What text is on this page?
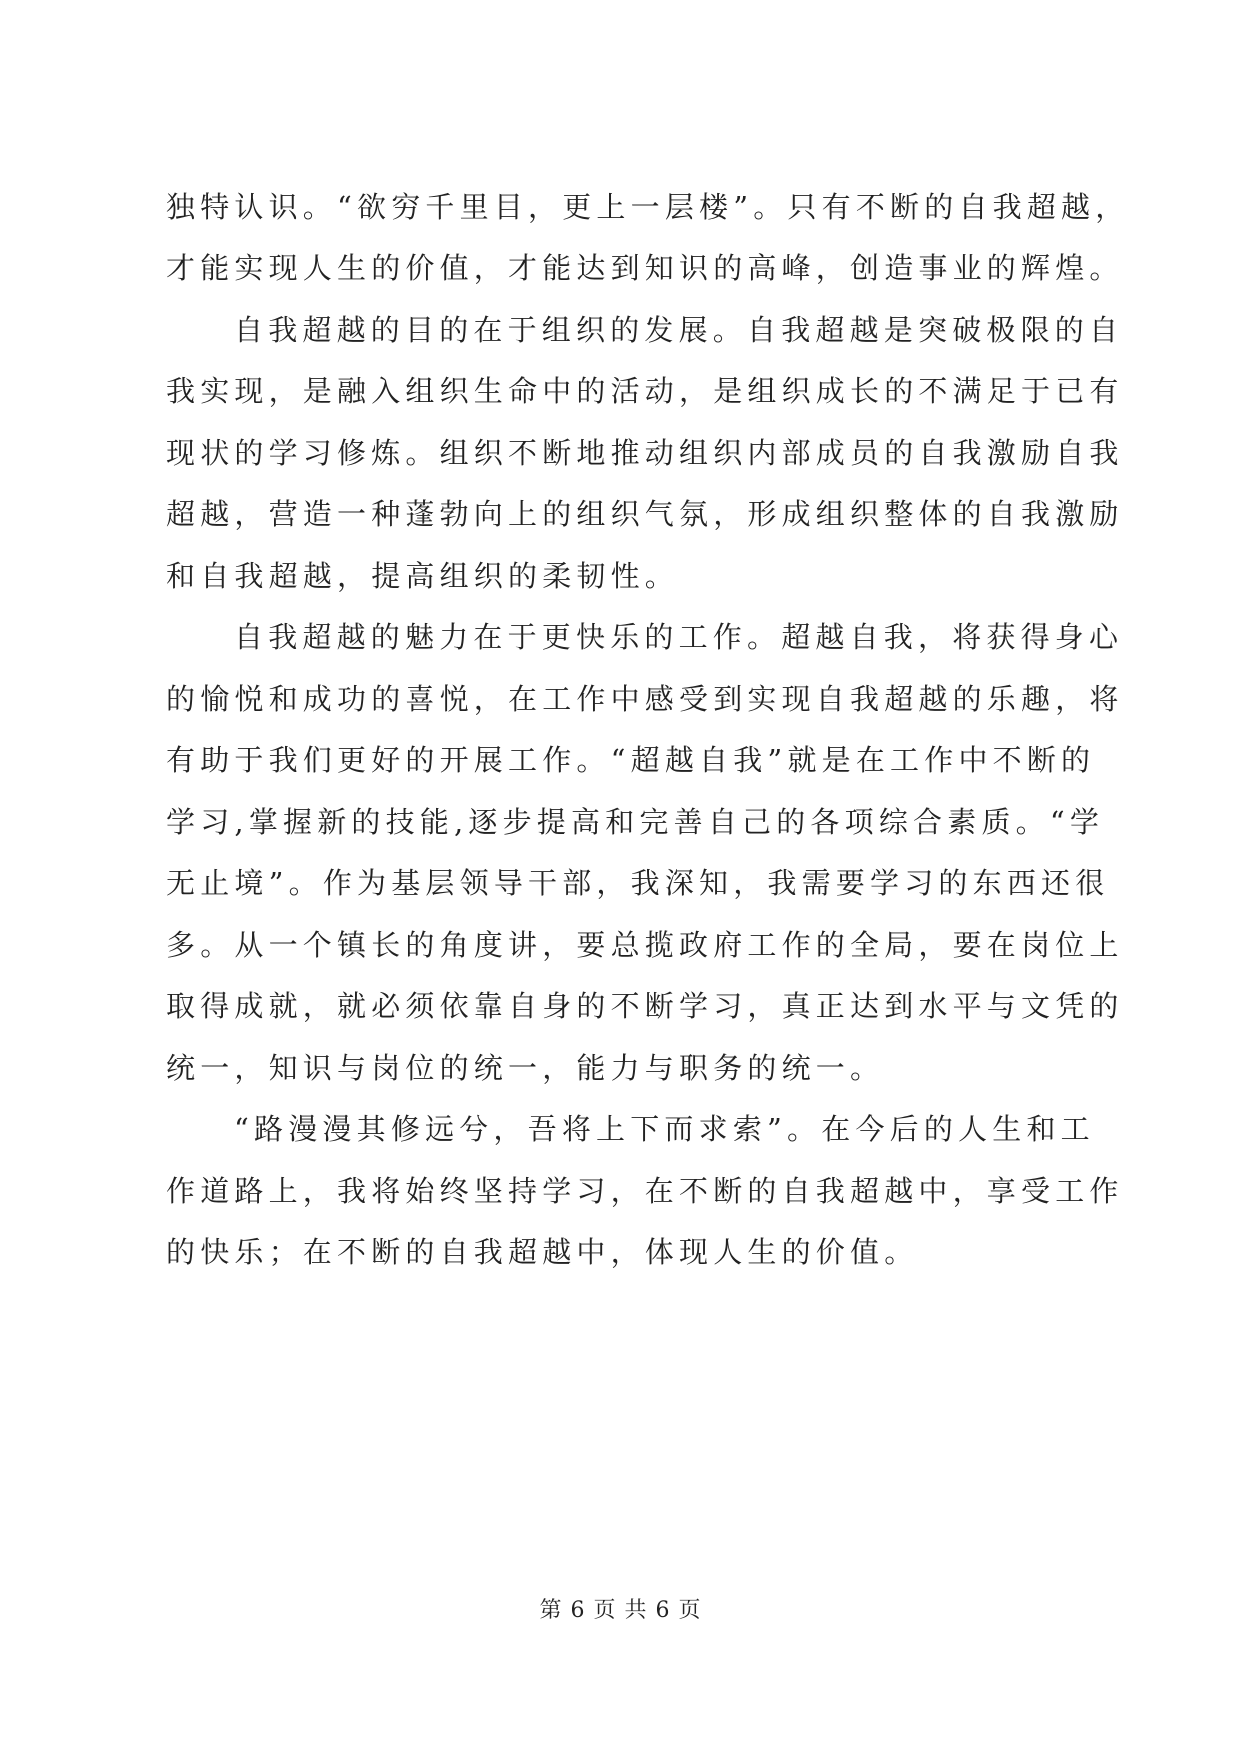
独特认识。“欲穷千里目，更上一层楼”。只有不断的自我超越，
才能实现人生的价值，才能达到知识的高峰，创造事业的辉煌。
自我超越的目的在于组织的发展。自我超越是突破极限的自
我实现，是融入组织生命中的活动，是组织成长的不满足于已有
现状的学习修炼。组织不断地推动组织内部成员的自我激励自我
超越，营造一种蓬勃向上的组织气氛，形成组织整体的自我激励
和自我超越，提高组织的柔韧性。
自我超越的魅力在于更快乐的工作。超越自我，将获得身心
的愉悦和成功的喜悦，在工作中感受到实现自我超越的乐趣，将
有助于我们更好的开展工作。“超越自我”就是在工作中不断的
学习,掌握新的技能,逐步提高和完善自己的各项综合素质。“学
无止境”。作为基层领导干部，我深知，我需要学习的东西还很
多。从一个镇长的角度讲，要总揽政府工作的全局，要在岗位上
取得成就，就必须依靠自身的不断学习，真正达到水平与文凭的
统一，知识与岗位的统一，能力与职务的统一。
“路漫漫其修远兮，吾将上下而求索”。在今后的人生和工
作道路上，我将始终坚持学习，在不断的自我超越中，享受工作
的快乐；在不断的自我超越中，体现人生的价值。
第 6 页 共 6 页
